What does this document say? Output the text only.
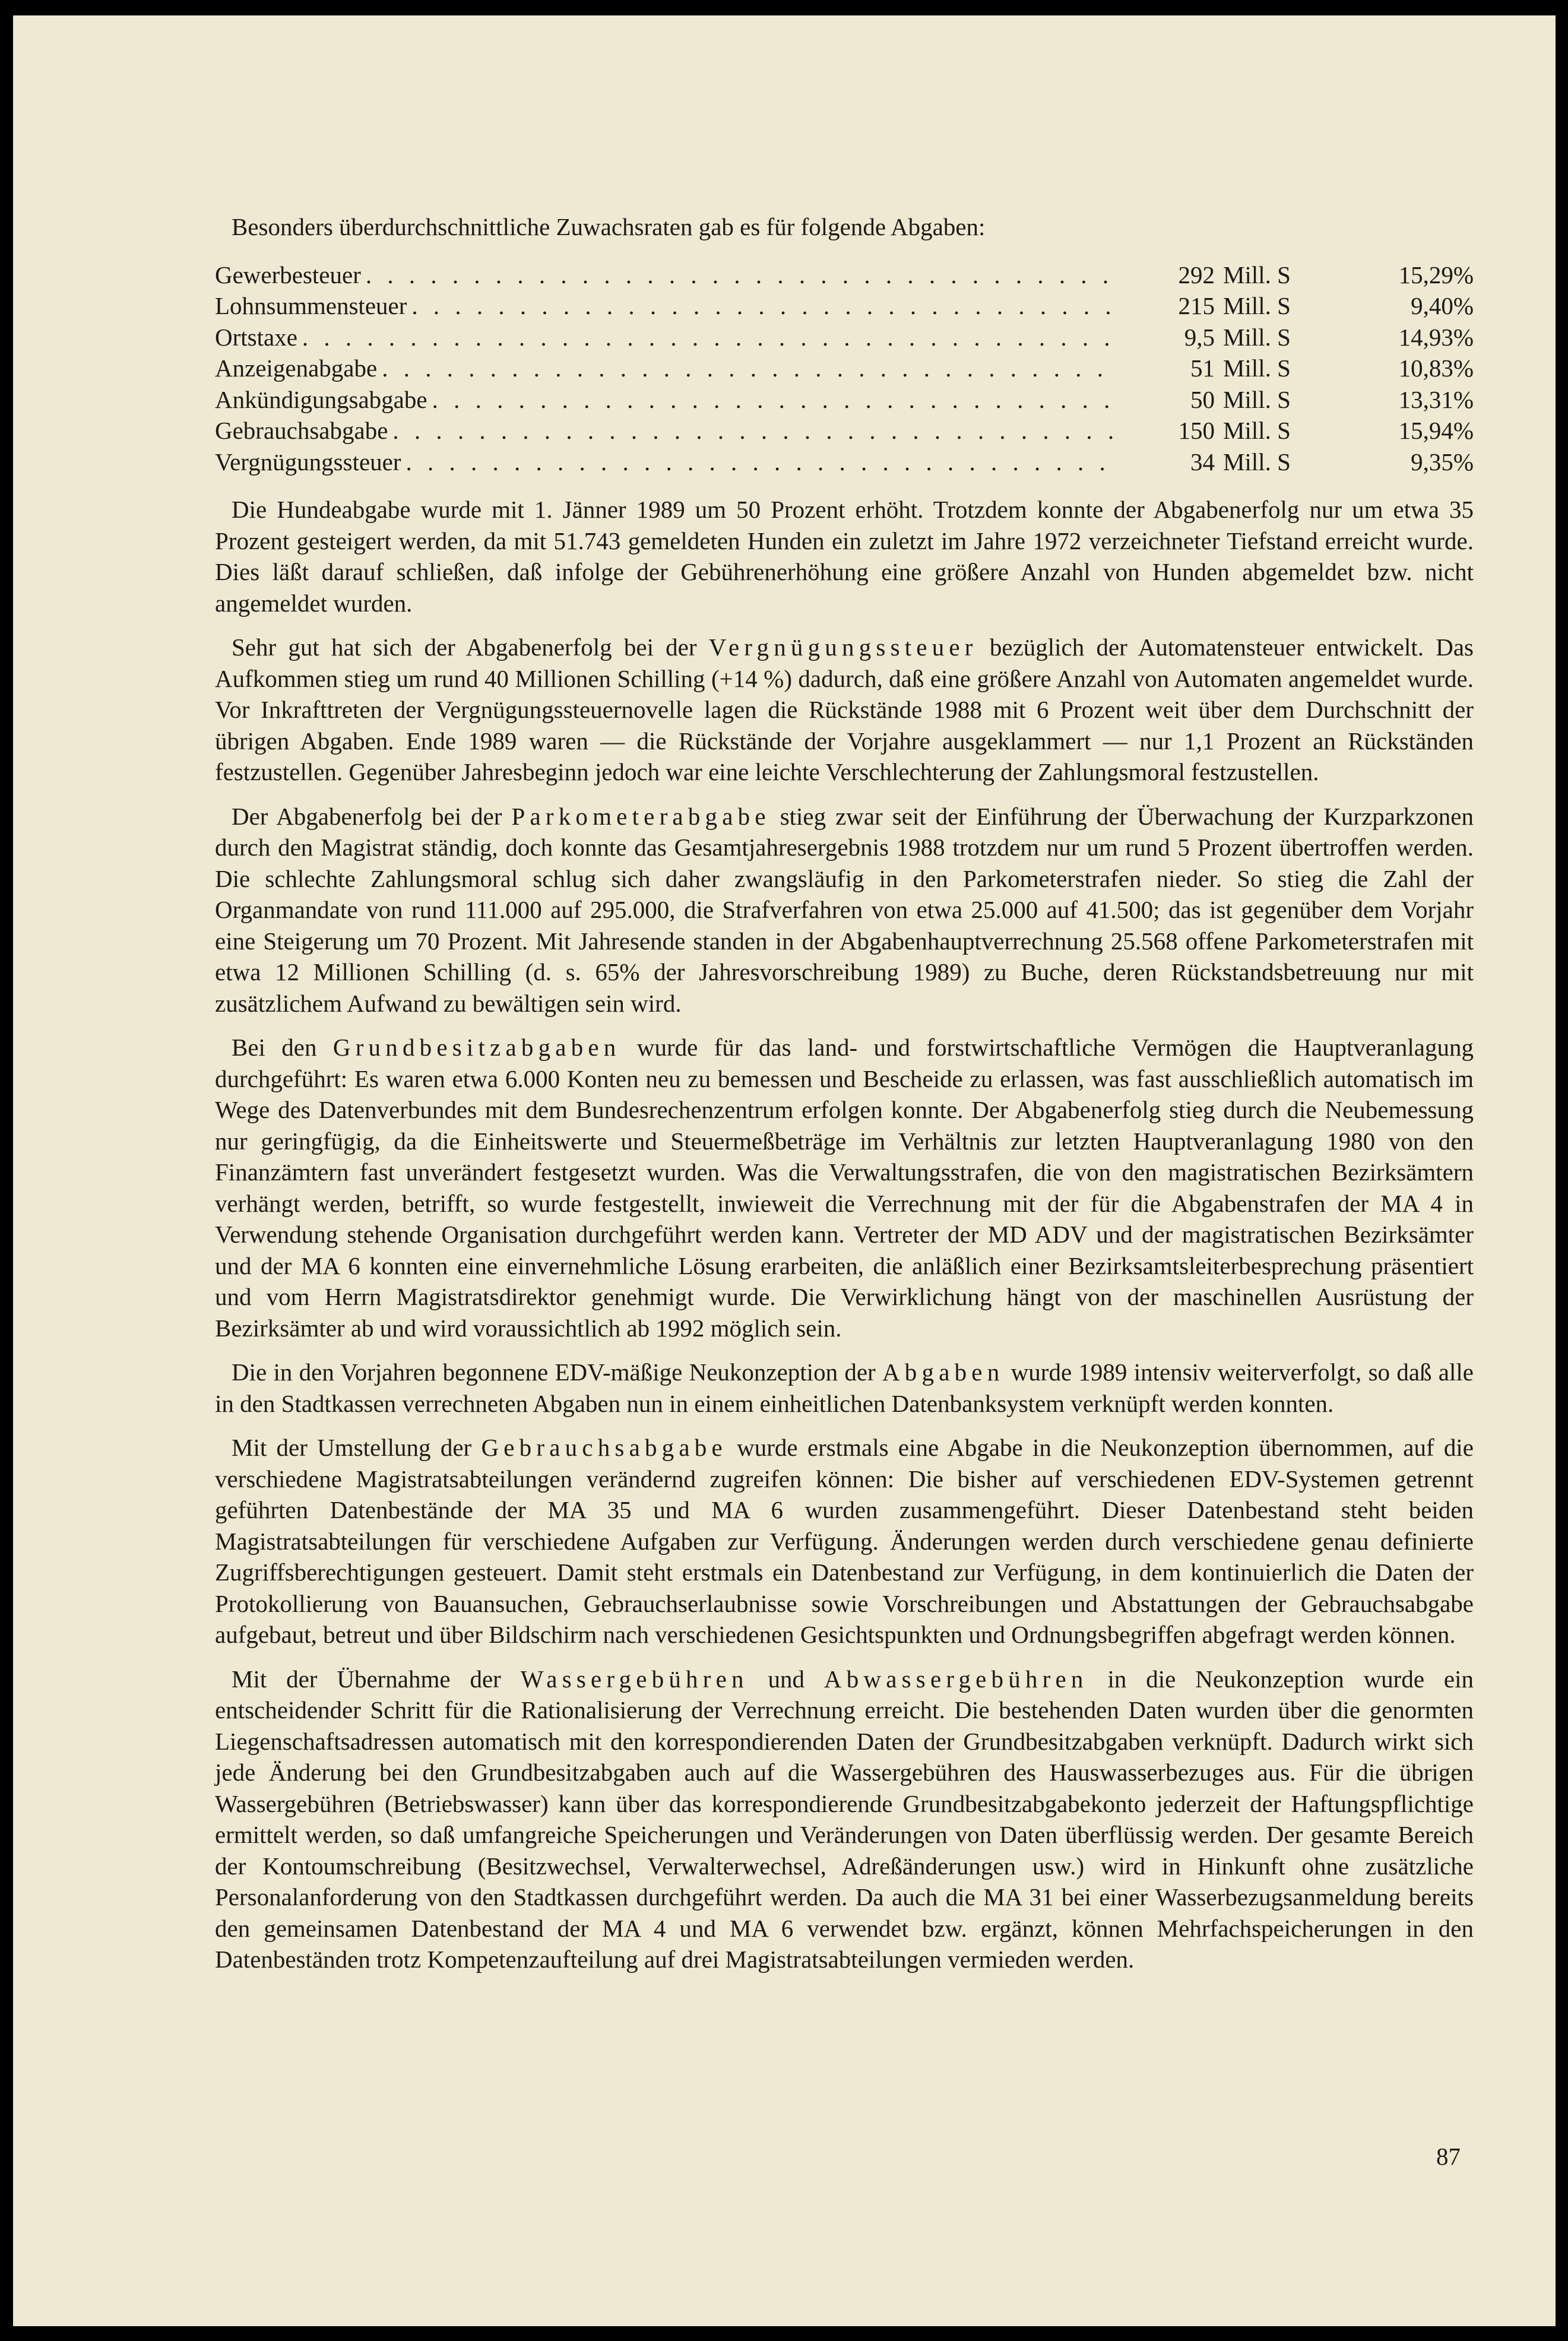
Besonders überdurchschnittliche Zuwachsraten gab es für folgende Abgaben:
Gewerbesteuer . . .	292 Mill. S	15,29%
Lohnsummensteuer . . .	215 Mill. S	9,40%
Ortstaxe . . .	9,5 Mill. S	14,93%
Anzeigenabgabe . . .	51 Mill. S	10,83%
Ankündigungsabgabe . . .	50 Mill. S	13,31%
Gebrauchsabgabe . . .	150 Mill. S	15,94%
Vergnügungssteuer . . .	34 Mill. S	9,35%

Die Hundeabgabe wurde mit 1. Jänner 1989 um 50 Prozent erhöht. Trotzdem konnte der Abgabenerfolg nur um etwa 35 Prozent gesteigert werden, da mit 51.743 gemeldeten Hunden ein zuletzt im Jahre 1972 verzeichneter Tiefstand erreicht wurde. Dies läßt darauf schließen, daß infolge der Gebührenerhöhung eine größere Anzahl von Hunden abgemeldet bzw. nicht angemeldet wurden.

Sehr gut hat sich der Abgabenerfolg bei der Vergnügungssteuer bezüglich der Automatensteuer entwickelt. Das Aufkommen stieg um rund 40 Millionen Schilling (+14 %) dadurch, daß eine größere Anzahl von Automaten angemeldet wurde. Vor Inkrafttreten der Vergnügungssteuernovelle lagen die Rückstände 1988 mit 6 Prozent weit über dem Durchschnitt der übrigen Abgaben. Ende 1989 waren — die Rückstände der Vorjahre ausgeklammert — nur 1,1 Prozent an Rückständen festzustellen. Gegenüber Jahresbeginn jedoch war eine leichte Verschlechterung der Zahlungsmoral festzustellen.

Der Abgabenerfolg bei der Parkometerabgabe stieg zwar seit der Einführung der Überwachung der Kurzparkzonen durch den Magistrat ständig, doch konnte das Gesamtjahresergebnis 1988 trotzdem nur um rund 5 Prozent übertroffen werden. Die schlechte Zahlungsmoral schlug sich daher zwangsläufig in den Parkometerstrafen nieder. So stieg die Zahl der Organmandate von rund 111.000 auf 295.000, die Strafverfahren von etwa 25.000 auf 41.500; das ist gegenüber dem Vorjahr eine Steigerung um 70 Prozent. Mit Jahresende standen in der Abgabenhauptverrechnung 25.568 offene Parkometerstrafen mit etwa 12 Millionen Schilling (d. s. 65% der Jahresvorschreibung 1989) zu Buche, deren Rückstandsbetreuung nur mit zusätzlichem Aufwand zu bewältigen sein wird.

Bei den Grundbesitzabgaben wurde für das land- und forstwirtschaftliche Vermögen die Hauptveranlagung durchgeführt: Es waren etwa 6.000 Konten neu zu bemessen und Bescheide zu erlassen, was fast ausschließlich automatisch im Wege des Datenverbundes mit dem Bundesrechenzentrum erfolgen konnte. Der Abgabenerfolg stieg durch die Neubemessung nur geringfügig, da die Einheitswerte und Steuermeßbeträge im Verhältnis zur letzten Hauptveranlagung 1980 von den Finanzämtern fast unverändert festgesetzt wurden. Was die Verwaltungsstrafen, die von den magistratischen Bezirksämtern verhängt werden, betrifft, so wurde festgestellt, inwieweit die Verrechnung mit der für die Abgabenstrafen der MA 4 in Verwendung stehende Organisation durchgeführt werden kann. Vertreter der MD ADV und der magistratischen Bezirksämter und der MA 6 konnten eine einvernehmliche Lösung erarbeiten, die anläßlich einer Bezirksamtsleiterbesprechung präsentiert und vom Herrn Magistratsdirektor genehmigt wurde. Die Verwirklichung hängt von der maschinellen Ausrüstung der Bezirksämter ab und wird voraussichtlich ab 1992 möglich sein.

Die in den Vorjahren begonnene EDV-mäßige Neukonzeption der Abgaben wurde 1989 intensiv weiterverfolgt, so daß alle in den Stadtkassen verrechneten Abgaben nun in einem einheitlichen Datenbanksystem verknüpft werden konnten.

Mit der Umstellung der Gebrauchsabgabe wurde erstmals eine Abgabe in die Neukonzeption übernommen, auf die verschiedene Magistratsabteilungen verändernd zugreifen können: Die bisher auf verschiedenen EDV-Systemen getrennt geführten Datenbestände der MA 35 und MA 6 wurden zusammengeführt. Dieser Datenbestand steht beiden Magistratsabteilungen für verschiedene Aufgaben zur Verfügung. Änderungen werden durch verschiedene genau definierte Zugriffsberechtigungen gesteuert. Damit steht erstmals ein Datenbestand zur Verfügung, in dem kontinuierlich die Daten der Protokollierung von Bauansuchen, Gebrauchserlaubnisse sowie Vorschreibungen und Abstattungen der Gebrauchsabgabe aufgebaut, betreut und über Bildschirm nach verschiedenen Gesichtspunkten und Ordnungsbegriffen abgefragt werden können.

Mit der Übernahme der Wassergebühren und Abwassergebühren in die Neukonzeption wurde ein entscheidender Schritt für die Rationalisierung der Verrechnung erreicht. Die bestehenden Daten wurden über die genormten Liegenschaftsadressen automatisch mit den korrespondierenden Daten der Grundbesitzabgaben verknüpft. Dadurch wirkt sich jede Änderung bei den Grundbesitzabgaben auch auf die Wassergebühren des Hauswasserbezuges aus. Für die übrigen Wassergebühren (Betriebswasser) kann über das korrespondierende Grundbesitzabgabekonto jederzeit der Haftungspflichtige ermittelt werden, so daß umfangreiche Speicherungen und Veränderungen von Daten überflüssig werden. Der gesamte Bereich der Kontoumschreibung (Besitzwechsel, Verwalterwechsel, Adreßänderungen usw.) wird in Hinkunft ohne zusätzliche Personalanforderung von den Stadtkassen durchgeführt werden. Da auch die MA 31 bei einer Wasserbezugsanmeldung bereits den gemeinsamen Datenbestand der MA 4 und MA 6 verwendet bzw. ergänzt, können Mehrfachspeicherungen in den Datenbeständen trotz Kompetenzaufteilung auf drei Magistratsabteilungen vermieden werden.

87
